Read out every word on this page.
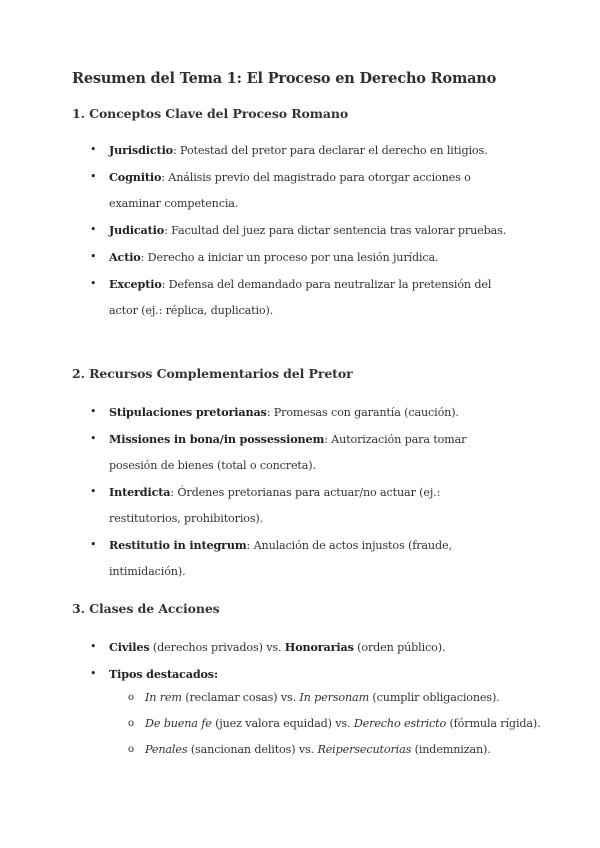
Resumen del Tema 1: El Proceso en Derecho Romano
1. Conceptos Clave del Proceso Romano
• Jurisdictio: Potestad del pretor para declarar el derecho en litigios.
• Cognitio: Análisis previo del magistrado para otorgar acciones o examinar competencia.
• Judicatio: Facultad del juez para dictar sentencia tras valorar pruebas.
• Actio: Derecho a iniciar un proceso por una lesión jurídica.
• Exceptio: Defensa del demandado para neutralizar la pretensión del actor (ej.: réplica, duplicatio).
2. Recursos Complementarios del Pretor
• Stipulaciones pretorianas: Promesas con garantía (caución).
• Missiones in bona/in possessionem: Autorización para tomar posesión de bienes (total o concreta).
• Interdicta: Órdenes pretorianas para actuar/no actuar (ej.: restitutorios, prohibitorios).
• Restitutio in integrum: Anulación de actos injustos (fraude, intimidación).
3. Clases de Acciones
• Civiles (derechos privados) vs. Honorarias (orden público).
• Tipos destacados:
o In rem (reclamar cosas) vs. In personam (cumplir obligaciones).
o De buena fe (juez valora equidad) vs. Derecho estricto (fórmula rígida).
o Penales (sancionan delitos) vs. Reipersecutorias (indemnizan).
